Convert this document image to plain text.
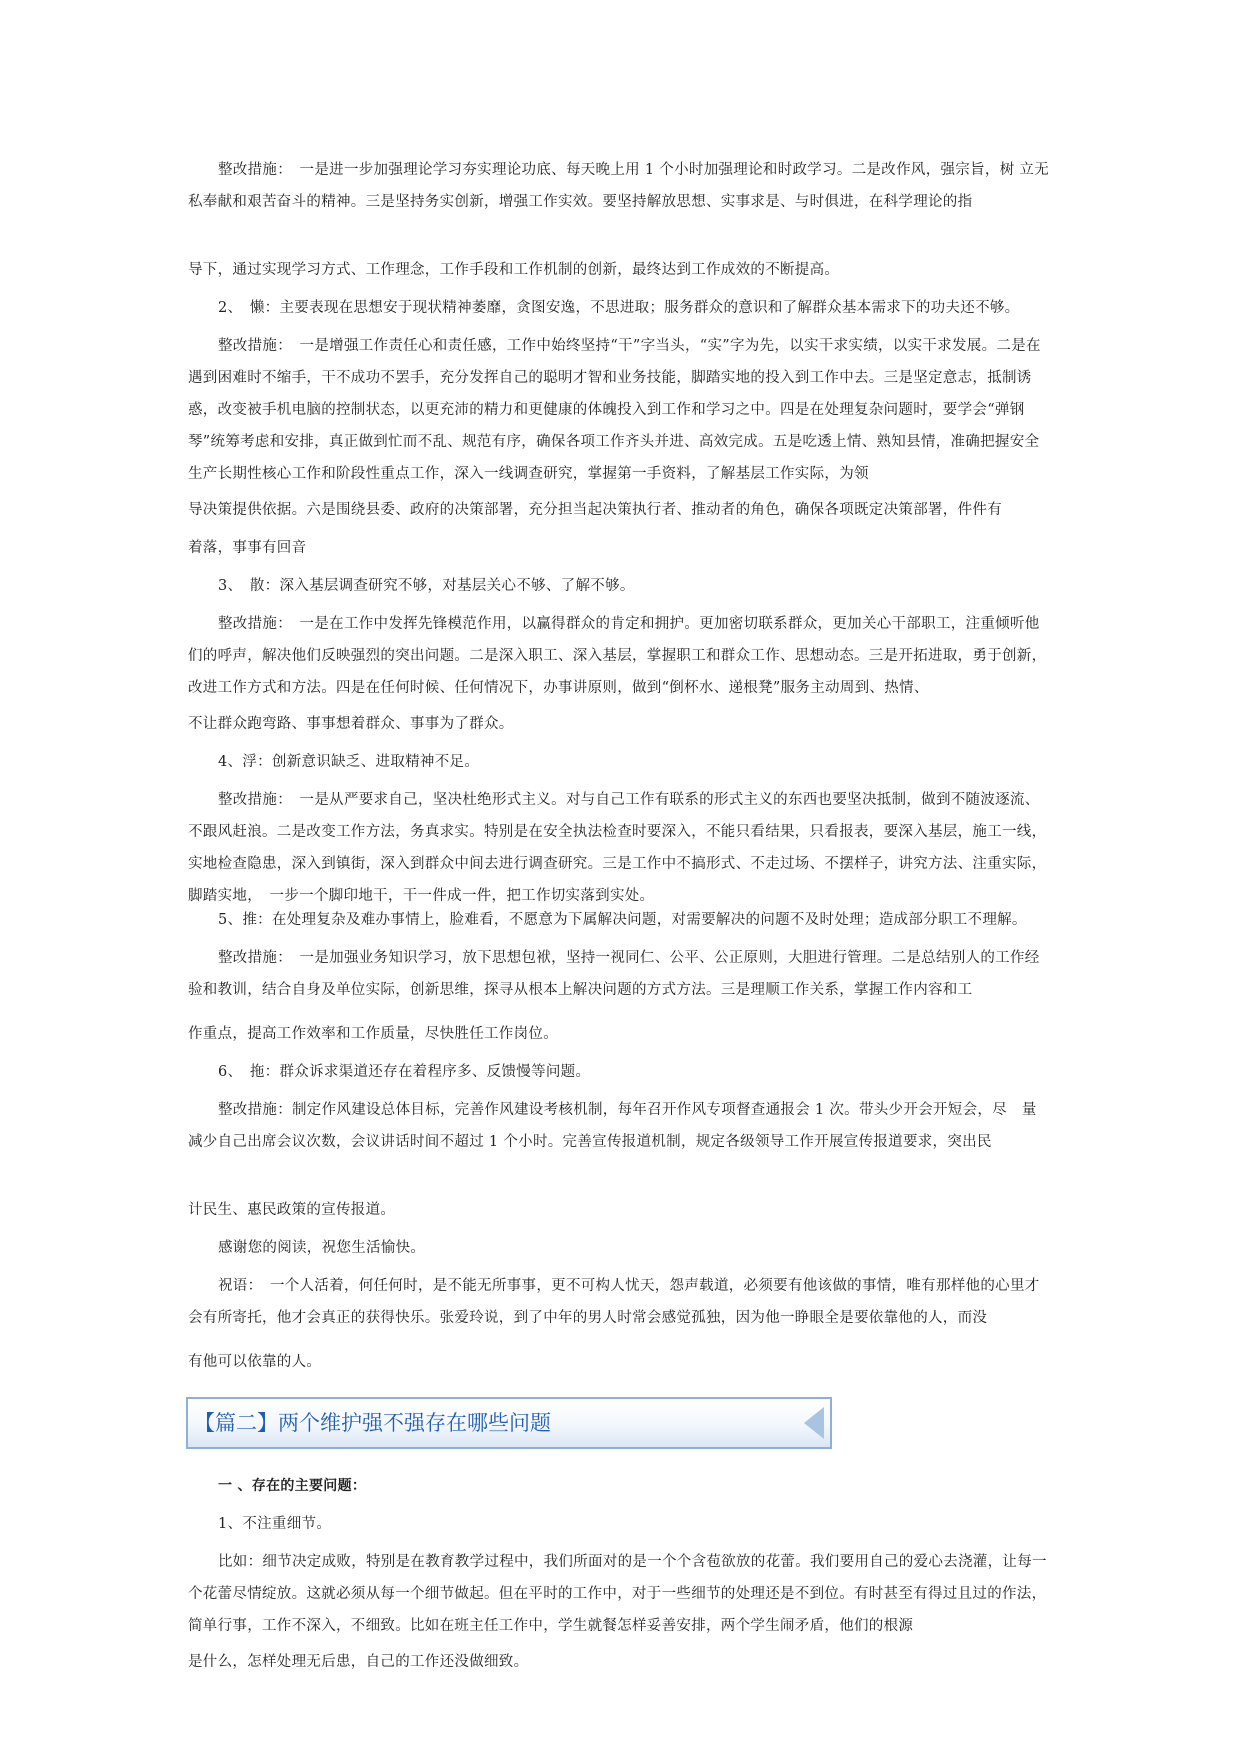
整改措施：　一是进一步加强理论学习夯实理论功底、每天晚上用 1 个小时加强理论和时政学习。二是改作风，强宗旨，树 立无私奉献和艰苦奋斗的精神。三是坚持务实创新，增强工作实效。要坚持解放思想、实事求是、与时俱进，在科学理论的指

导下，通过实现学习方式、工作理念，工作手段和工作机制的创新，最终达到工作成效的不断提高。

2、　懒：主要表现在思想安于现状精神萎靡，贪图安逸，不思进取；服务群众的意识和了解群众基本需求下的功夫还不够。

整改措施：　一是增强工作责任心和责任感，工作中始终坚持“干”字当头，“实”字为先，以实干求实绩，以实干求发展。二是在遇到困难时不缩手，干不成功不罢手，充分发挥自己的聪明才智和业务技能，脚踏实地的投入到工作中去。三是坚定意志，抵制诱惑，改变被手机电脑的控制状态，以更充沛的精力和更健康的体魄投入到工作和学习之中。四是在处理复杂问题时，要学会“弹钢琴”统筹考虑和安排，真正做到忙而不乱、规范有序，确保各项工作齐头并进、高效完成。五是吃透上情、熟知县情，准确把握安全生产长期性核心工作和阶段性重点工作，深入一线调查研究，掌握第一手资料，了解基层工作实际，为领

导决策提供依据。六是围绕县委、政府的决策部署，充分担当起决策执行者、推动者的角色，确保各项既定决策部署，件件有

着落，事事有回音

3、　散：深入基层调查研究不够，对基层关心不够、了解不够。

整改措施：　一是在工作中发挥先锋模范作用，以赢得群众的肯定和拥护。更加密切联系群众，更加关心干部职工，注重倾听他们的呼声，解决他们反映强烈的突出问题。二是深入职工、深入基层，掌握职工和群众工作、思想动态。三是开拓进取，勇于创新，改进工作方式和方法。四是在任何时候、任何情况下，办事讲原则，做到“倒杯水、递根凳”服务主动周到、热情、

不让群众跑弯路、事事想着群众、事事为了群众。

4、浮：创新意识缺乏、进取精神不足。

整改措施：　一是从严要求自己，坚决杜绝形式主义。对与自己工作有联系的形式主义的东西也要坚决抵制，做到不随波逐流、不跟风赶浪。二是改变工作方法，务真求实。特别是在安全执法检查时要深入，不能只看结果，只看报表，要深入基层，施工一线，实地检查隐患，深入到镇街，深入到群众中间去进行调查研究。三是工作中不搞形式、不走过场、不摆样子，讲究方法、注重实际，脚踏实地，　一步一个脚印地干，干一件成一件，把工作切实落到实处。

5、推：在处理复杂及难办事情上，脸难看，不愿意为下属解决问题，对需要解决的问题不及时处理；造成部分职工不理解。

整改措施：　一是加强业务知识学习，放下思想包袱，坚持一视同仁、公平、公正原则，大胆进行管理。二是总结别人的工作经验和教训，结合自身及单位实际，创新思维，探寻从根本上解决问题的方式方法。三是理顺工作关系，掌握工作内容和工

作重点，提高工作效率和工作质量，尽快胜任工作岗位。

6、　拖：群众诉求渠道还存在着程序多、反馈慢等问题。

整改措施：制定作风建设总体目标，完善作风建设考核机制，每年召开作风专项督查通报会 1 次。带头少开会开短会，尽　量减少自己出席会议次数，会议讲话时间不超过 1 个小时。完善宣传报道机制，规定各级领导工作开展宣传报道要求，突出民

计民生、惠民政策的宣传报道。

感谢您的阅读，祝您生活愉快。

祝语：　一个人活着，何任何时，是不能无所事事，更不可构人忧天，怨声载道，必须要有他该做的事情，唯有那样他的心里才会有所寄托，他才会真正的获得快乐。张爱玲说，到了中年的男人时常会感觉孤独，因为他一睁眼全是要依靠他的人，而没

有他可以依靠的人。

【篇二】两个维护强不强存在哪些问题

一 、存在的主要问题：

1、不注重细节。

比如：细节决定成败，特别是在教育教学过程中，我们所面对的是一个个含苞欲放的花蕾。我们要用自己的爱心去浇灌，让每一个花蕾尽情绽放。这就必须从每一个细节做起。但在平时的工作中，对于一些细节的处理还是不到位。有时甚至有得过且过的作法，简单行事，工作不深入，不细致。比如在班主任工作中，学生就餐怎样妥善安排，两个学生闹矛盾，他们的根源

是什么，怎样处理无后患，自己的工作还没做细致。
